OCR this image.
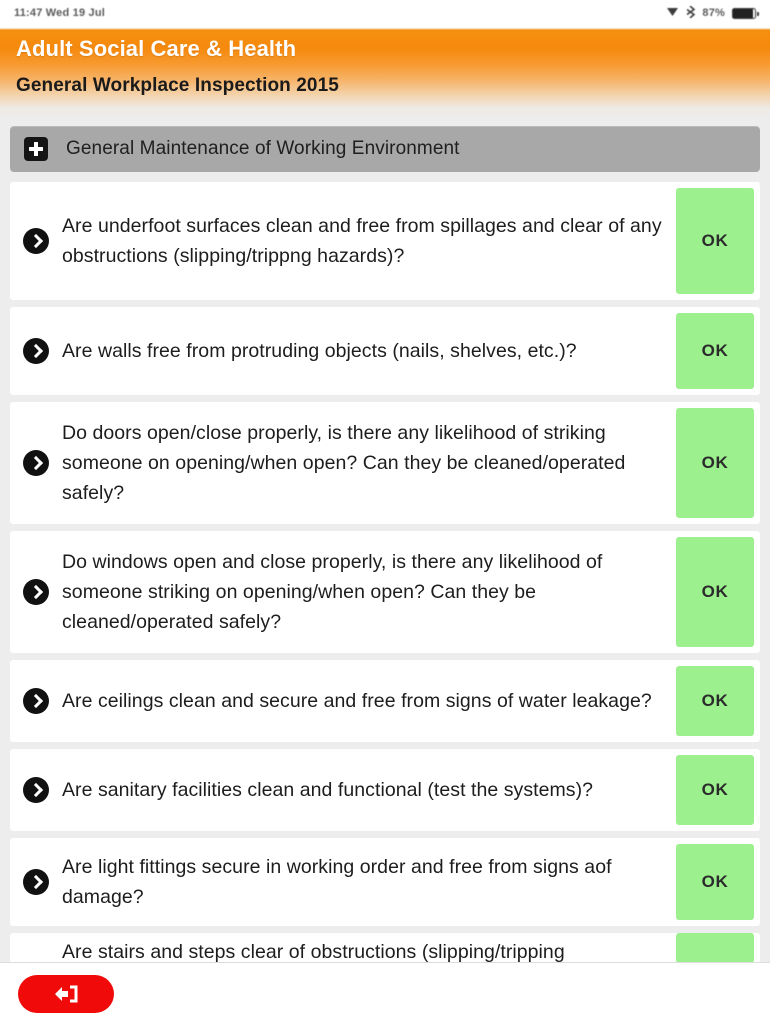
11:47 Wed 19 Jul	87%
Adult Social Care & Health
General Workplace Inspection 2015
General Maintenance of Working Environment
Are underfoot surfaces clean and free from spillages and clear of any obstructions (slipping/trippng hazards)?
OK
Are walls free from protruding objects (nails, shelves, etc.)?	OK
Do doors open/close properly, is there any likelihood of striking someone on opening/when open? Can they be cleaned/operated safely?
OK
Do windows open and close properly, is there any likelihood of someone striking on opening/when open? Can they be cleaned/operated safely?
OK
Are ceilings clean and secure and free from signs of water leakage?	OK
Are sanitary facilities clean and functional (test the systems)?	OK
Are light fittings secure in working order and free from signs aof damage?
OK
Are stairs and steps clear of obstructions (slipping/tripping
